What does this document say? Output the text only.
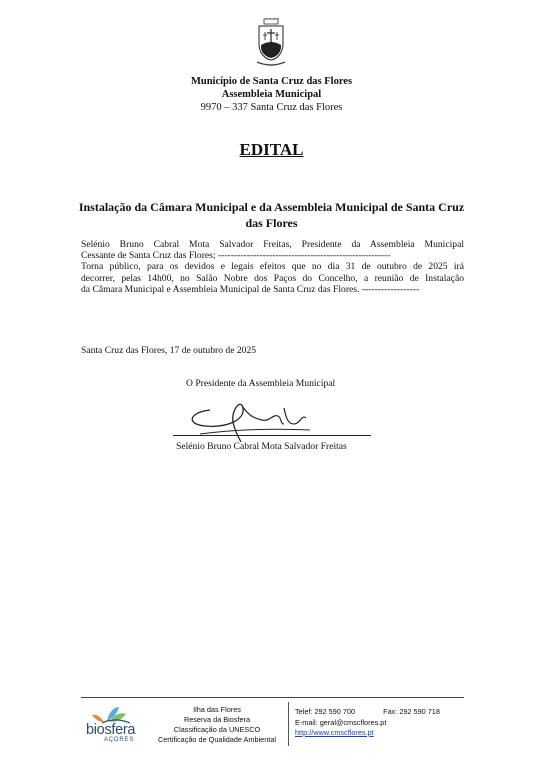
Município de Santa Cruz das Flores
Assembleia Municipal
9970 – 337 Santa Cruz das Flores
EDITAL
Instalação da Câmara Municipal e da Assembleia Municipal de Santa Cruz das Flores
Selénio Bruno Cabral Mota Salvador Freitas, Presidente da Assembleia Municipal
Cessante de Santa Cruz das Flores; ------------------------------------------------------
Torna público, para os devidos e legais efeitos que no dia 31 de outubro de 2025 irá
decorrer, pelas 14h00, no Salão Nobre dos Paços do Concelho, a reunião de Instalação
da Câmara Municipal e Assembleia Municipal de Santa Cruz das Flores. ------------------
Santa Cruz das Flores, 17 de outubro de 2025
O Presidente da Assembleia Municipal
Selénio Bruno Cabral Mota Salvador Freitas
biosfera
AÇORES
Ilha das Flores
Reserva da Biosfera
Classificação da UNESCO
Certificação de Qualidade Ambiental
Telef: 292 590 700	Fax: 292 590 718
E-mail: geral@cmscflores.pt
http://www.cmscflores.pt
